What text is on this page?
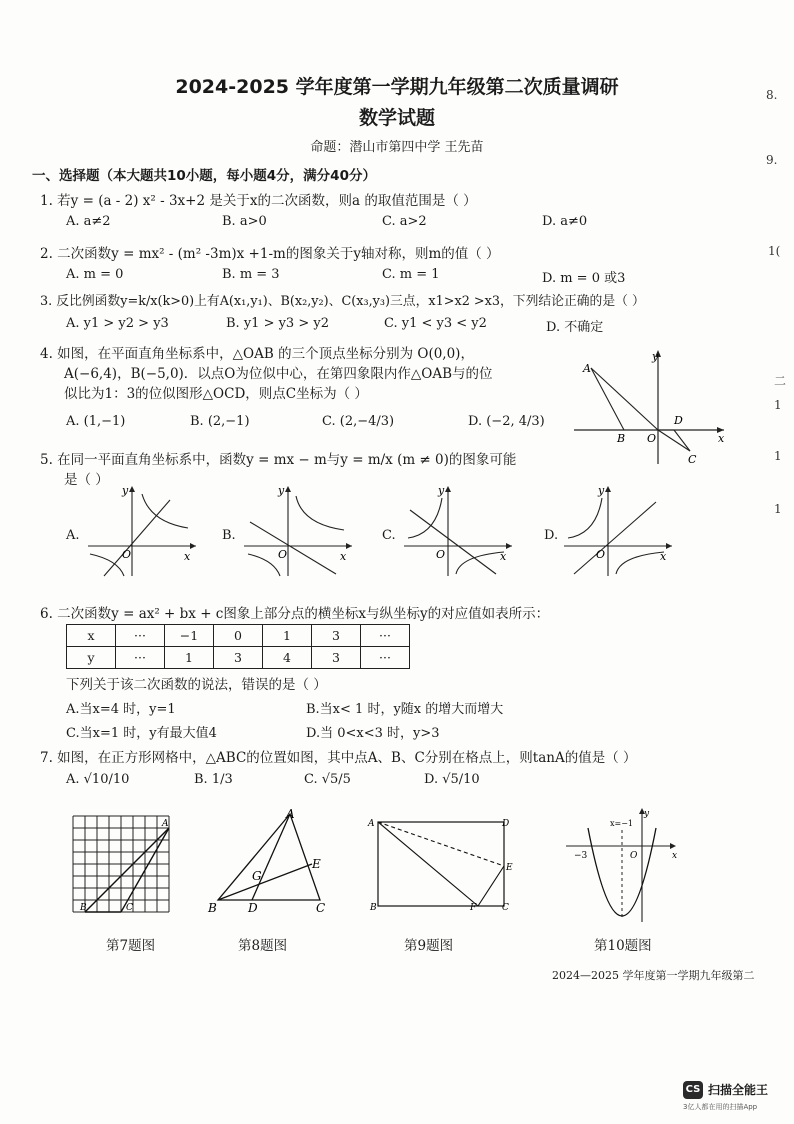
2024-2025 学年度第一学期九年级第二次质量调研
数学试题
命题：潜山市第四中学 王先苗
8.
9.
1(
二
1
1
1
一、选择题（本大题共10小题，每小题4分，满分40分）
1. 若y = (a - 2) x² - 3x+2 是关于x的二次函数，则a 的取值范围是（ ）
A. a≠2	B. a>0	C. a>2	D. a≠0
2. 二次函数y = mx² - (m² -3m)x +1-m的图象关于y轴对称，则m的值（ ）
A. m = 0	B. m = 3	C. m = 1	D. m = 0 或3
3. 反比例函数y=k/x(k>0)上有A(x₁,y₁)、B(x₂,y₂)、C(x₃,y₃)三点，x1>x2 >x3，下列结论正确的是（ ）
A. y1 > y2 > y3	B. y1 > y3 > y2	C. y1 < y3 < y2	D. 不确定
4. 如图，在平面直角坐标系中，△OAB 的三个顶点坐标分别为 O(0,0)，
A(−6,4)，B(−5,0)．以点O为位似中心，在第四象限内作△OAB与的位
似比为1：3的位似图形△OCD，则点C坐标为（ ）
A. (1,−1)	B. (2,−1)	C. (2,−4/3)	D. (−2, 4/3)
y
A
B O
D
C
x
5. 在同一平面直角坐标系中，函数y = mx − m与y = m/x (m ≠ 0)的图象可能
是（ ）
A.
y
O	x
B.
y
O	x
C.
y
O	x
D.
y
O	x
6. 二次函数y = ax² + bx + c图象上部分点的横坐标x与纵坐标y的对应值如表所示：
x	···	−1	0	1	3	···
y	···	1	3	4	3	···
下列关于该二次函数的说法，错误的是（ ）
A.当x=4 时，y=1	B.当x< 1 时，y随x 的增大而增大
C.当x=1 时，y有最大值4	D.当 0<x<3 时，y>3
7. 如图，在正方形网格中，△ABC的位置如图，其中点A、B、C分别在格点上，则tanA的值是（ ）
A. √10/10	B. 1/3	C. √5/5	D. √5/10
A
B	C
第7题图
A
G
E
B	D	C
第8题图
A	D
E
B	F	C
第9题图
y
x=−1
−3	O	x
第10题图
2024—2025 学年度第一学期九年级第二
CS 扫描全能王
3亿人都在用的扫描App
